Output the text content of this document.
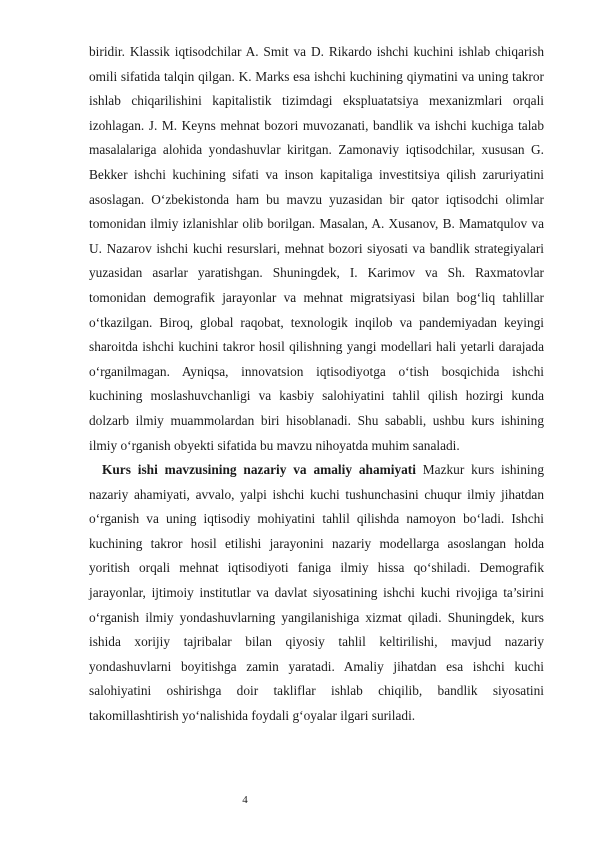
biridir. Klassik iqtisodchilar A. Smit va D. Rikardo ishchi kuchini ishlab chiqarish omili sifatida talqin qilgan. K. Marks esa ishchi kuchining qiymatini va uning takror ishlab chiqarilishini kapitalistik tizimdagi ekspluatatsiya mexanizmlari orqali izohlagan. J. M. Keyns mehnat bozori muvozanati, bandlik va ishchi kuchiga talab masalalariga alohida yondashuvlar kiritgan. Zamonaviy iqtisodchilar, xususan G. Bekker ishchi kuchining sifati va inson kapitaliga investitsiya qilish zaruriyatini asoslagan. O‘zbekistonda ham bu mavzu yuzasidan bir qator iqtisodchi olimlar tomonidan ilmiy izlanishlar olib borilgan. Masalan, A. Xusanov, B. Mamatqulov va U. Nazarov ishchi kuchi resurslari, mehnat bozori siyosati va bandlik strategiyalari yuzasidan asarlar yaratishgan. Shuningdek, I. Karimov va Sh. Raxmatovlar tomonidan demografik jarayonlar va mehnat migratsiyasi bilan bog‘liq tahlillar o‘tkazilgan. Biroq, global raqobat, texnologik inqilob va pandemiyadan keyingi sharoitda ishchi kuchini takror hosil qilishning yangi modellari hali yetarli darajada o‘rganilmagan. Ayniqsa, innovatsion iqtisodiyotga o‘tish bosqichida ishchi kuchining moslashuvchanligi va kasbiy salohiyatini tahlil qilish hozirgi kunda dolzarb ilmiy muammolardan biri hisoblanadi. Shu sababli, ushbu kurs ishining ilmiy o‘rganish obyekti sifatida bu mavzu nihoyatda muhim sanaladi.

Kurs ishi mavzusining nazariy va amaliy ahamiyati Mazkur kurs ishining nazariy ahamiyati, avvalo, yalpi ishchi kuchi tushunchasini chuqur ilmiy jihatdan o‘rganish va uning iqtisodiy mohiyatini tahlil qilishda namoyon bo‘ladi. Ishchi kuchining takror hosil etilishi jarayonini nazariy modellarga asoslangan holda yoritish orqali mehnat iqtisodiyoti faniga ilmiy hissa qo‘shiladi. Demografik jarayonlar, ijtimoiy institutlar va davlat siyosatining ishchi kuchi rivojiga ta’sirini o‘rganish ilmiy yondashuvlarning yangilanishiga xizmat qiladi. Shuningdek, kurs ishida xorijiy tajribalar bilan qiyosiy tahlil keltirilishi, mavjud nazariy yondashuvlarni boyitishga zamin yaratadi. Amaliy jihatdan esa ishchi kuchi salohiyatini oshirishga doir takliflar ishlab chiqilib, bandlik siyosatini takomillashtirish yo‘nalishida foydali g‘oyalar ilgari suriladi.

4
